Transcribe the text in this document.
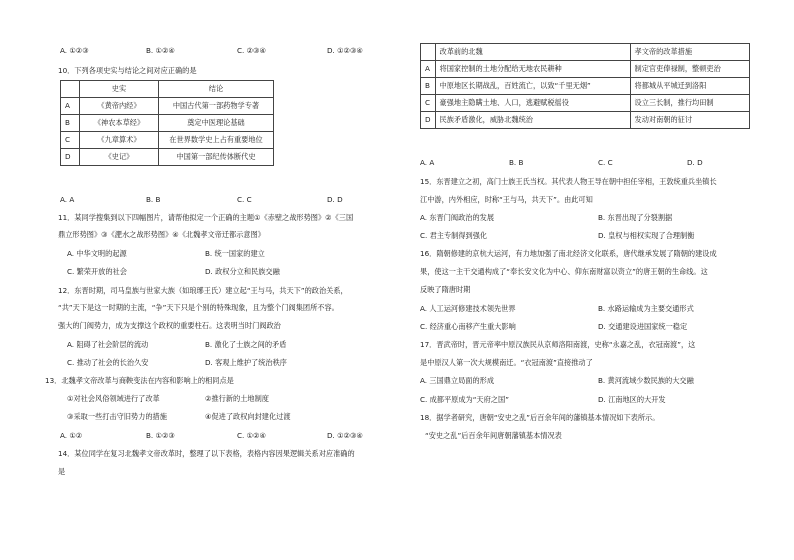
A. ①②③	B. ①②④	C. ②③④	D. ①②③④
10．下列各项史实与结论之间对应正确的是
	史实	结论
A	《黄帝内经》	中国古代第一部药物学专著
B	《神农本草经》	奠定中医理论基础
C	《九章算术》	在世界数学史上占有重要地位
D	《史记》	中国第一部纪传体断代史
A. A	B. B	C. C	D. D
11．某同学搜集到以下四幅图片，请帮他拟定一个正确的主题①《赤壁之战形势图》②《三国
鼎立形势图》③《淝水之战形势图》④《北魏孝文帝迁都示意图》
A. 中华文明的起源	B. 统一国家的建立
C. 繁荣开放的社会	D. 政权分立和民族交融
12．东晋时期，司马皇族与世家大族（如琅琊王氏）建立起“王与马，共天下”的政治关系，
“共”天下是这一时期的主流，“争”天下只是个别的特殊现象，且为整个门阀集团所不容。
强大的门阀势力，成为支撑这个政权的重要柱石。这表明当时门阀政治
A. 阻碍了社会阶层的流动	B. 激化了士族之间的矛盾
C. 推动了社会的长治久安	D. 客观上维护了统治秩序
13．北魏孝文帝改革与商鞅变法在内容和影响上的相同点是
①对社会风俗领域进行了改革	②推行新的土地制度
③采取一些打击守旧势力的措施	④促进了政权向封建化过渡
A. ①②	B. ①②③	C. ①②④	D. ①②③④
14．某位同学在复习北魏孝文帝改革时，整理了以下表格，表格内容因果逻辑关系对应准确的
是
	改革前的北魏	孝文帝的改革措施
A	将国家控制的土地分配给无地农民耕种	制定官吏俸禄制，整顿吏治
B	中原地区长期战乱，百姓流亡，以致“千里无烟”	将都城从平城迁到洛阳
C	豪强地主隐瞒土地、人口，逃避赋税徭役	设立三长制，推行均田制
D	民族矛盾激化，威胁北魏统治	发动对南朝的征讨
A. A	B. B	C. C	D. D
15．东晋建立之初，高门士族王氏当权。其代表人物王导在朝中担任宰相，王敦统重兵坐镇长
江中游，内外相应，时称“王与马，共天下”。由此可知
A. 东晋门阀政治的发展	B. 东晋出现了分裂割据
C. 君主专制得到强化	D. 皇权与相权实现了合理制衡
16．隋朝修建的京杭大运河，有力地加强了南北经济文化联系，唐代继承发展了隋朝的建设成
果，使这一主干交通构成了“奉长安文化为中心、仰东南财富以资立”的唐王朝的生命线。这
反映了隋唐时期
A. 人工运河修建技术领先世界	B. 水路运输成为主要交通形式
C. 经济重心南移产生重大影响	D. 交通建设进国家统一稳定
17．晋武帝时，晋元帝率中原汉族民从京师洛阳南渡，史称“永嘉之乱，衣冠南渡”，这
是中原汉人第一次大规模南迁。“衣冠南渡”直接推动了
A. 三国鼎立局面的形成	B. 黄河流域少数民族的大交融
C. 成都平原成为“天府之国”	D. 江南地区的大开发
18．据学者研究，唐朝“安史之乱”后百余年间的藩镇基本情况如下表所示。
“安史之乱”后百余年间唐朝藩镇基本情况表
